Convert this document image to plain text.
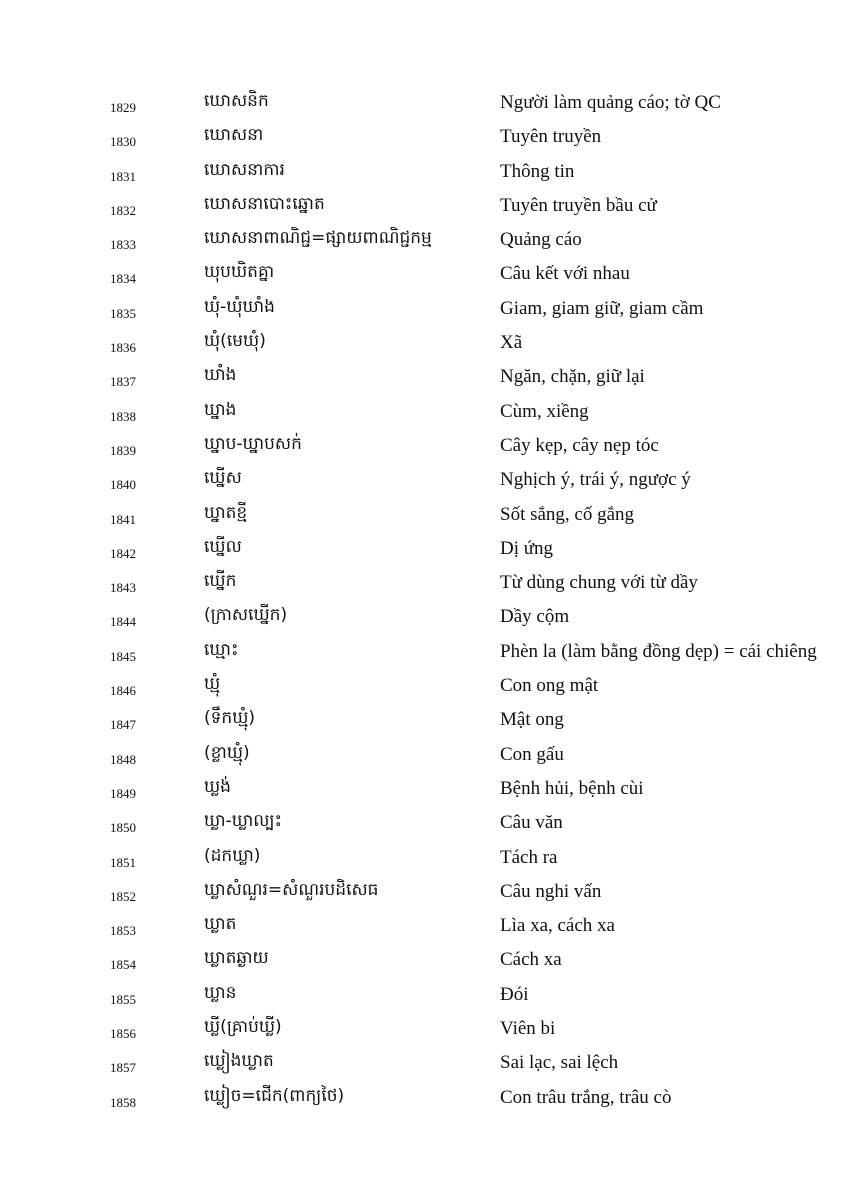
1829	ឃោសនិក	Người làm quảng cáo; tờ QC
1830	ឃោសនា	Tuyên truyền
1831	ឃោសនាការ	Thông tin
1832	ឃោសនាបោះឆ្នោត	Tuyên truyền bầu cử
1833	ឃោសនាពាណិជ្ជ=ផ្សាយពាណិជ្ជកម្ម	Quảng cáo
1834	ឃុបឃិតគ្នា	Câu kết với nhau
1835	ឃុំ-ឃុំឃាំង	Giam, giam giữ, giam cầm
1836	ឃុំ(មេឃុំ)	Xã
1837	ឃាំង	Ngăn, chặn, giữ lại
1838	ឃ្នាង	Cùm, xiềng
1839	ឃ្នាប-ឃ្នាបសក់	Cây kẹp, cây nẹp tóc
1840	ឃ្នើស	Nghịch ý, trái ý, ngược ý
1841	ឃ្នាតខ្មី	Sốt sắng, cố gắng
1842	ឃ្នើល	Dị ứng
1843	ឃ្នើក	Từ dùng chung với từ dầy
1844	(ក្រាសឃ្នើក)	Dầy cộm
1845	ឃ្មោះ	Phèn la (làm bằng đồng dẹp) = cái chiêng
1846	ឃ្មុំ	Con ong mật
1847	(ទឹកឃ្មុំ)	Mật ong
1848	(ខ្លាឃ្មុំ)	Con gấu
1849	ឃ្លង់	Bệnh hủi, bệnh cùi
1850	ឃ្លា-ឃ្លាល្បះ	Câu văn
1851	(ដកឃ្លា)	Tách ra
1852	ឃ្លាសំណួរ=សំណួរបដិសេធ	Câu nghi vấn
1853	ឃ្លាត	Lìa xa, cách xa
1854	ឃ្លាតឆ្ងាយ	Cách xa
1855	ឃ្លាន	Đói
1856	ឃ្លី(គ្រាប់ឃ្លី)	Viên bi
1857	ឃ្លៀងឃ្លាត	Sai lạc, sai lệch
1858	ឃ្លៀច=ជើក(ពាក្យថៃ)	Con trâu trắng, trâu cò
